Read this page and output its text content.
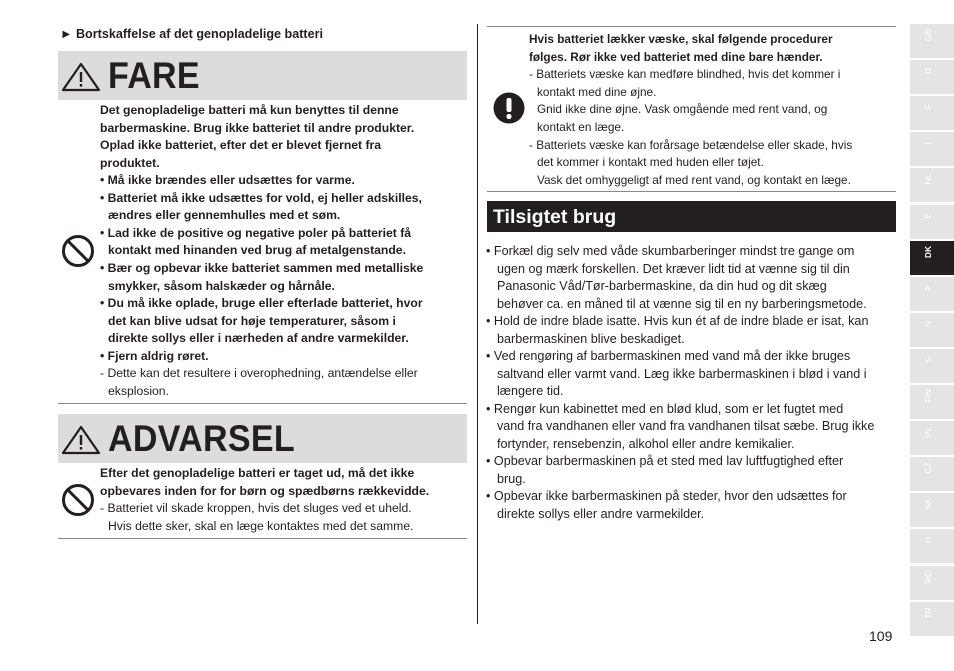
► Bortskaffelse af det genopladelige batteri
FARE
Det genopladelige batteri må kun benyttes til denne
barbermaskine. Brug ikke batteriet til andre produkter.
Oplad ikke batteriet, efter det er blevet fjernet fra
produktet.
• Må ikke brændes eller udsættes for varme.
• Batteriet må ikke udsættes for vold, ej heller adskilles,
ændres eller gennemhulles med et søm.
• Lad ikke de positive og negative poler på batteriet få
kontakt med hinanden ved brug af metalgenstande.
• Bær og opbevar ikke batteriet sammen med metalliske
smykker, såsom halskæder og hårnåle.
• Du må ikke oplade, bruge eller efterlade batteriet, hvor
det kan blive udsat for høje temperaturer, såsom i
direkte sollys eller i nærheden af andre varmekilder.
• Fjern aldrig røret.
- Dette kan det resultere i overophedning, antændelse eller
eksplosion.
ADVARSEL
Efter det genopladelige batteri er taget ud, må det ikke
opbevares inden for for børn og spædbørns rækkevidde.
- Batteriet vil skade kroppen, hvis det sluges ved et uheld.
Hvis dette sker, skal en læge kontaktes med det samme.
Hvis batteriet lækker væske, skal følgende procedurer
følges. Rør ikke ved batteriet med dine bare hænder.
- Batteriets væske kan medføre blindhed, hvis det kommer i
kontakt med dine øjne.
Gnid ikke dine øjne. Vask omgående med rent vand, og
kontakt en læge.
- Batteriets væske kan forårsage betændelse eller skade, hvis
det kommer i kontakt med huden eller tøjet.
Vask det omhyggeligt af med rent vand, og kontakt en læge.
Tilsigtet brug
• Forkæl dig selv med våde skumbarberinger mindst tre gange om
ugen og mærk forskellen. Det kræver lidt tid at vænne sig til din
Panasonic Våd/Tør-barbermaskine, da din hud og dit skæg
behøver ca. en måned til at vænne sig til en ny barberingsmetode.
• Hold de indre blade isatte. Hvis kun ét af de indre blade er isat, kan
barbermaskinen blive beskadiget.
• Ved rengøring af barbermaskinen med vand må der ikke bruges
saltvand eller varmt vand. Læg ikke barbermaskinen i blød i vand i
længere tid.
• Rengør kun kabinettet med en blød klud, som er let fugtet med
vand fra vandhanen eller vand fra vandhanen tilsat sæbe. Brug ikke
fortynder, rensebenzin, alkohol eller andre kemikalier.
• Opbevar barbermaskinen på et sted med lav luftfugtighed efter
brug.
• Opbevar ikke barbermaskinen på steder, hvor den udsættes for
direkte sollys eller andre varmekilder.
GB
D
F
I
NL
E
DK
P
N
S
FIN
PL
CZ
SK
H
RO
TR
109
